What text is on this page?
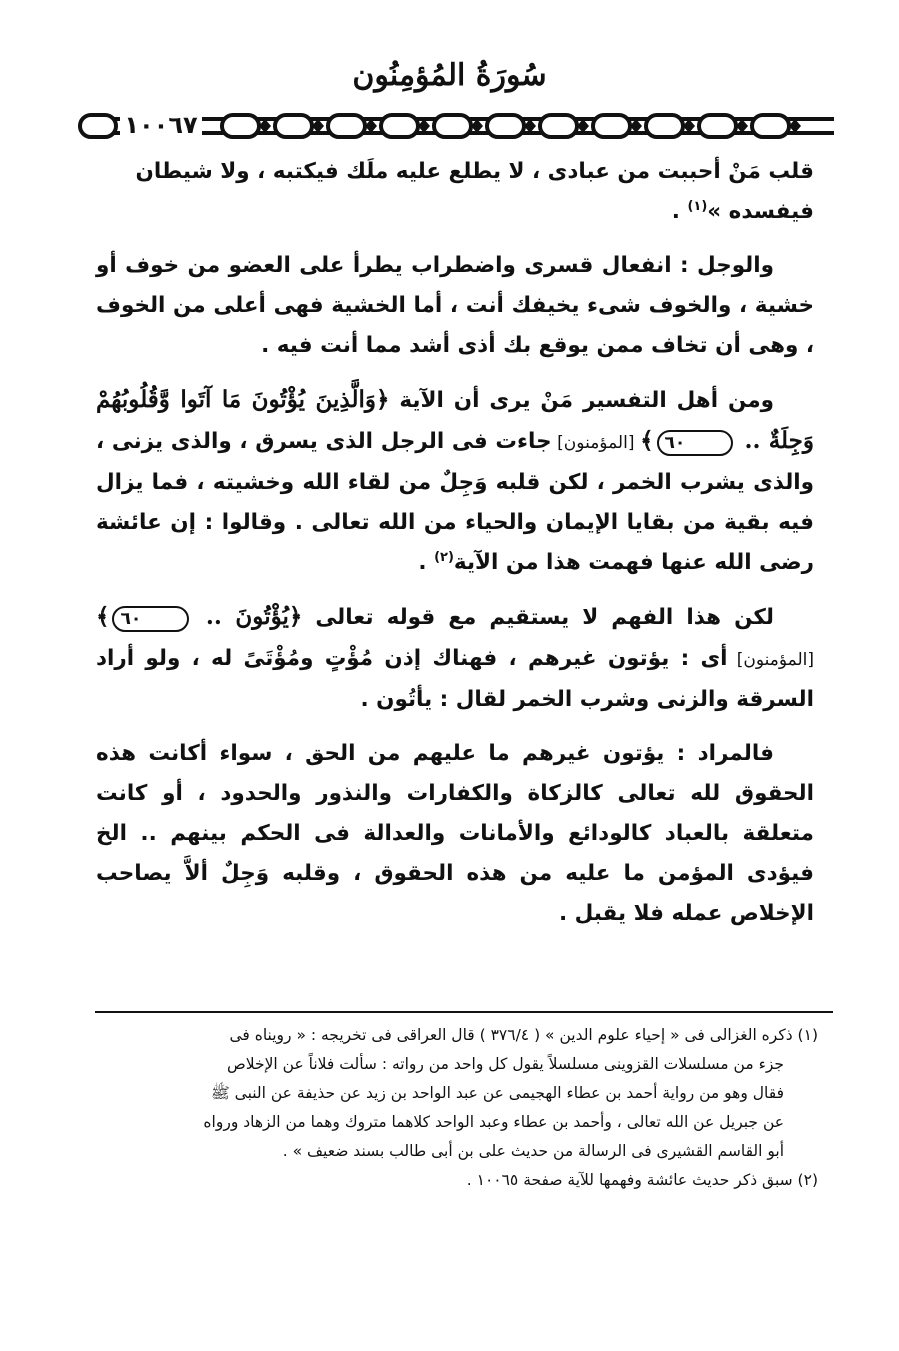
سُورَةُ المُؤمِنُون
١٠٠٦٧

قلب مَنْ أحببت من عبادى ، لا يطلع عليه ملَك فيكتبه ، ولا شيطان
فيفسده »$^{(١)}$ .

والوجل : انفعال قسرى واضطراب يطرأ على العضو من خوف أو خشية ، والخوف شىء يخيفك أنت ، أما الخشية فهى أعلى من الخوف ، وهى أن تخاف ممن يوقع بك أذى أشد مما أنت فيه .

ومن أهل التفسير مَنْ يرى أن الآية ﴿وَالَّذِينَ يُؤْتُونَ مَا آتَوا وَّقُلُوبُهُمْ وَجِلَةٌ .. ٦٠﴾ [المؤمنون] جاءت فى الرجل الذى يسرق ، والذى يزنى ، والذى يشرب الخمر ، لكن قلبه وَجِلٌ من لقاء الله وخشيته ، فما يزال فيه بقية من بقايا الإيمان والحياء من الله تعالى . وقالوا : إن عائشة رضى الله عنها فهمت هذا من الآية$^{(٢)}$ .

لكن هذا الفهم لا يستقيم مع قوله تعالى ﴿يُؤْتُونَ .. ٦٠﴾ [المؤمنون] أى : يؤتون غيرهم ، فهناك إذن مُؤْتٍ ومُؤْتَىً له ، ولو أراد السرقة والزنى وشرب الخمر لقال : يأتُون .

فالمراد : يؤتون غيرهم ما عليهم من الحق ، سواء أكانت هذه الحقوق لله تعالى كالزكاة والكفارات والنذور والحدود ، أو كانت متعلقة بالعباد كالودائع والأمانات والعدالة فى الحكم بينهم .. الخ فيؤدى المؤمن ما عليه من هذه الحقوق ، وقلبه وَجِلٌ ألاَّ يصاحب الإخلاص عمله فلا يقبل .

(١) ذكره الغزالى فى « إحياء علوم الدين » ( ٣٧٦/٤ ) قال العراقى فى تخريجه : « رويناه فى

جزء من مسلسلات القزوينى مسلسلاً يقول كل واحد من رواته : سألت فلاناً عن الإخلاص

فقال وهو من رواية أحمد بن عطاء الهجيمى عن عبد الواحد بن زيد عن حذيفة عن النبى ﷺ

عن جبريل عن الله تعالى ، وأحمد بن عطاء وعبد الواحد كلاهما متروك وهما من الزهاد ورواه

أبو القاسم القشيرى فى الرسالة من حديث على بن أبى طالب بسند ضعيف » .

(٢) سبق ذكر حديث عائشة وفهمها للآية صفحة ١٠٠٦٥ .
